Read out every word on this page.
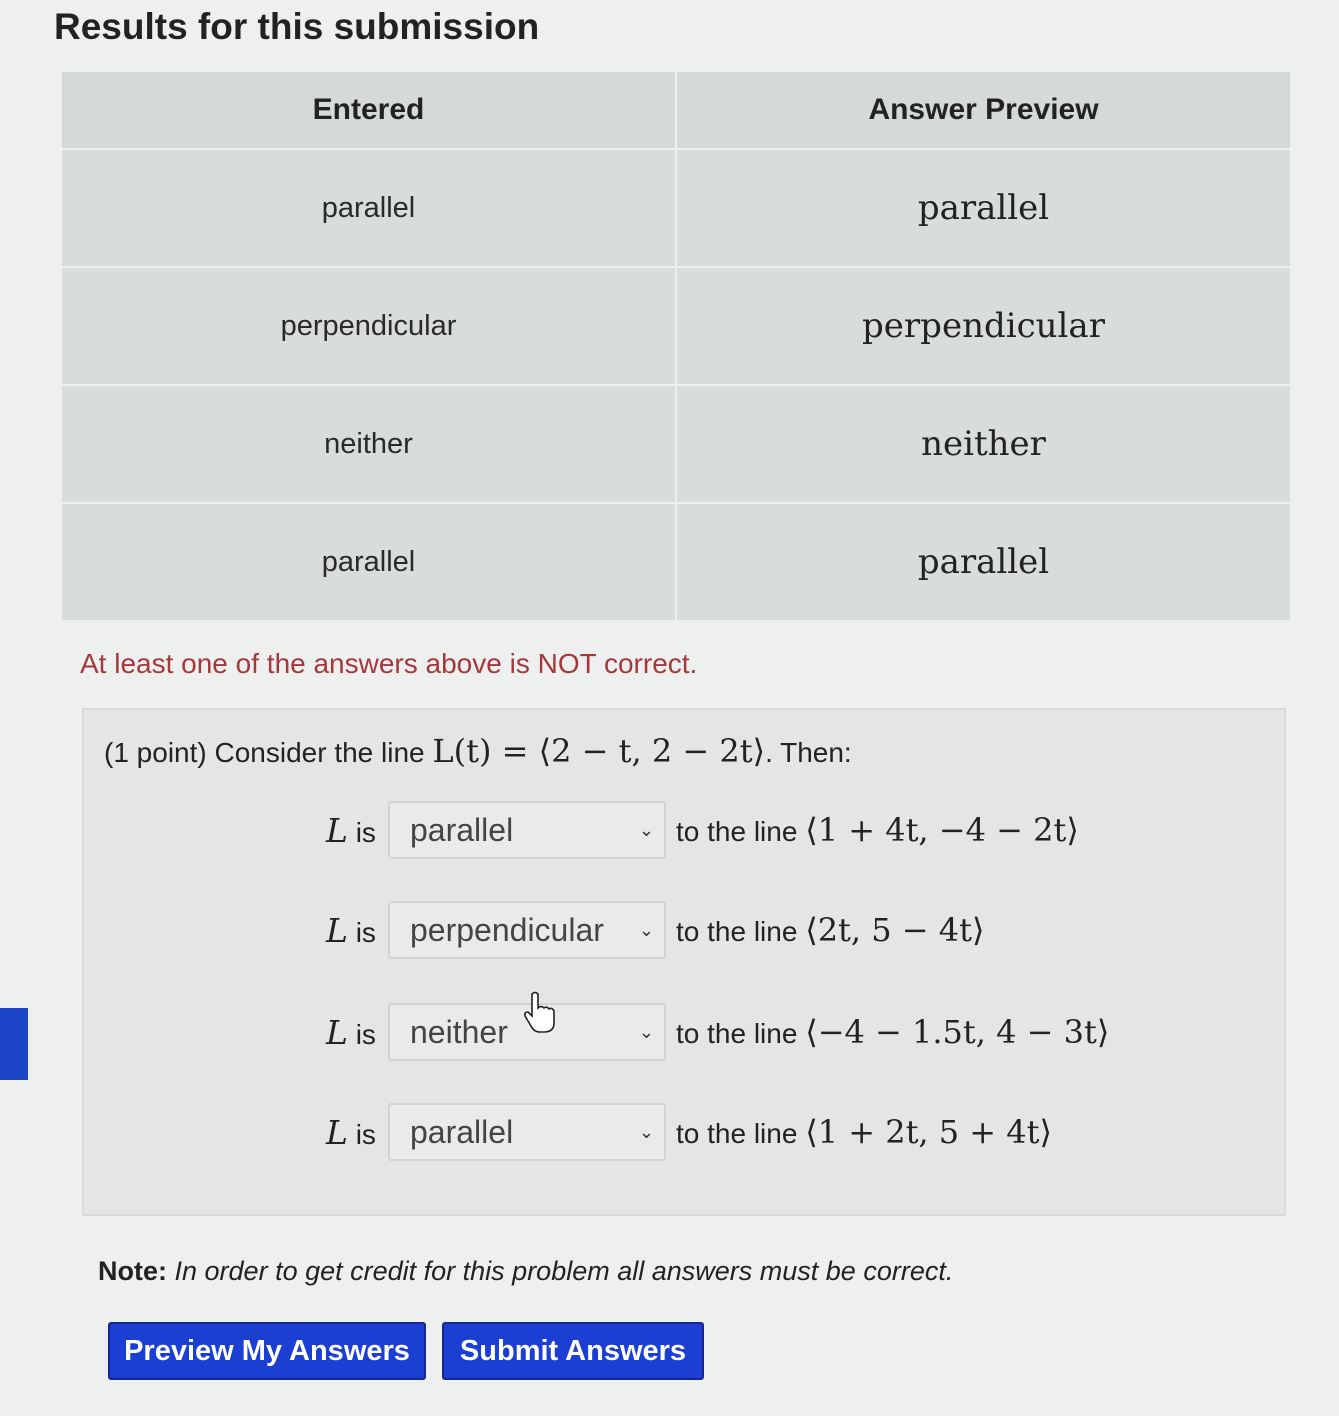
Results for this submission
Entered	Answer Preview
parallel	parallel
perpendicular	perpendicular
neither	neither
parallel	parallel
At least one of the answers above is NOT correct.
(1 point) Consider the line L(t) = ⟨2 − t, 2 − 2t⟩. Then:
L is	parallel	⌄ to the line ⟨1 + 4t, −4 − 2t⟩
L is	perpendicular ⌄ to the line ⟨2t, 5 − 4t⟩
L is	neither	⌄ to the line ⟨−4 − 1.5t, 4 − 3t⟩
L is	parallel	⌄ to the line ⟨1 + 2t, 5 + 4t⟩
Note: In order to get credit for this problem all answers must be correct.
Preview My Answers	Submit Answers
